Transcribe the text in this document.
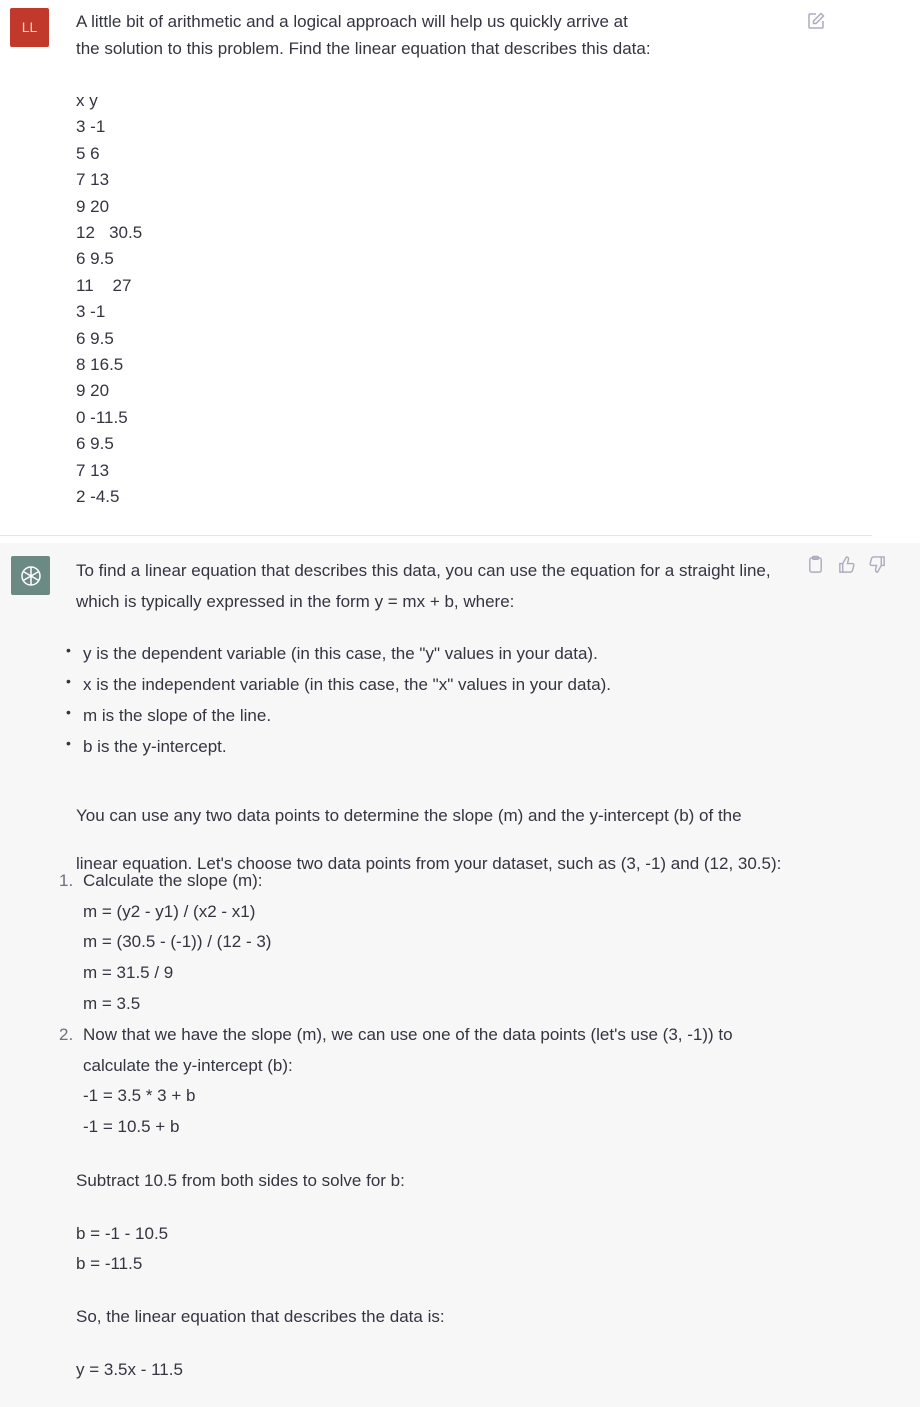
LL	A little bit of arithmetic and a logical approach will help us quickly arrive at

the solution to this problem. Find the linear equation that describes this data:

x y
3 -1
5 6
7 13
9 20
12   30.5
6 9.5
11    27
3 -1
6 9.5
8 16.5
9 20
0 -11.5
6 9.5
7 13
2 -4.5

To find a linear equation that describes this data, you can use the equation for a straight line,

which is typically expressed in the form y = mx + b, where:

• y is the dependent variable (in this case, the "y" values in your data).
• x is the independent variable (in this case, the "x" values in your data).
• m is the slope of the line.
• b is the y-intercept.

You can use any two data points to determine the slope (m) and the y-intercept (b) of the

linear equation. Let's choose two data points from your dataset, such as (3, -1) and (12, 30.5):

1. Calculate the slope (m):
m = (y2 - y1) / (x2 - x1)
m = (30.5 - (-1)) / (12 - 3)
m = 31.5 / 9
m = 3.5
2. Now that we have the slope (m), we can use one of the data points (let's use (3, -1)) to
calculate the y-intercept (b):
-1 = 3.5 * 3 + b
-1 = 10.5 + b
Subtract 10.5 from both sides to solve for b:
b = -1 - 10.5
b = -11.5
So, the linear equation that describes the data is:
y = 3.5x - 11.5
